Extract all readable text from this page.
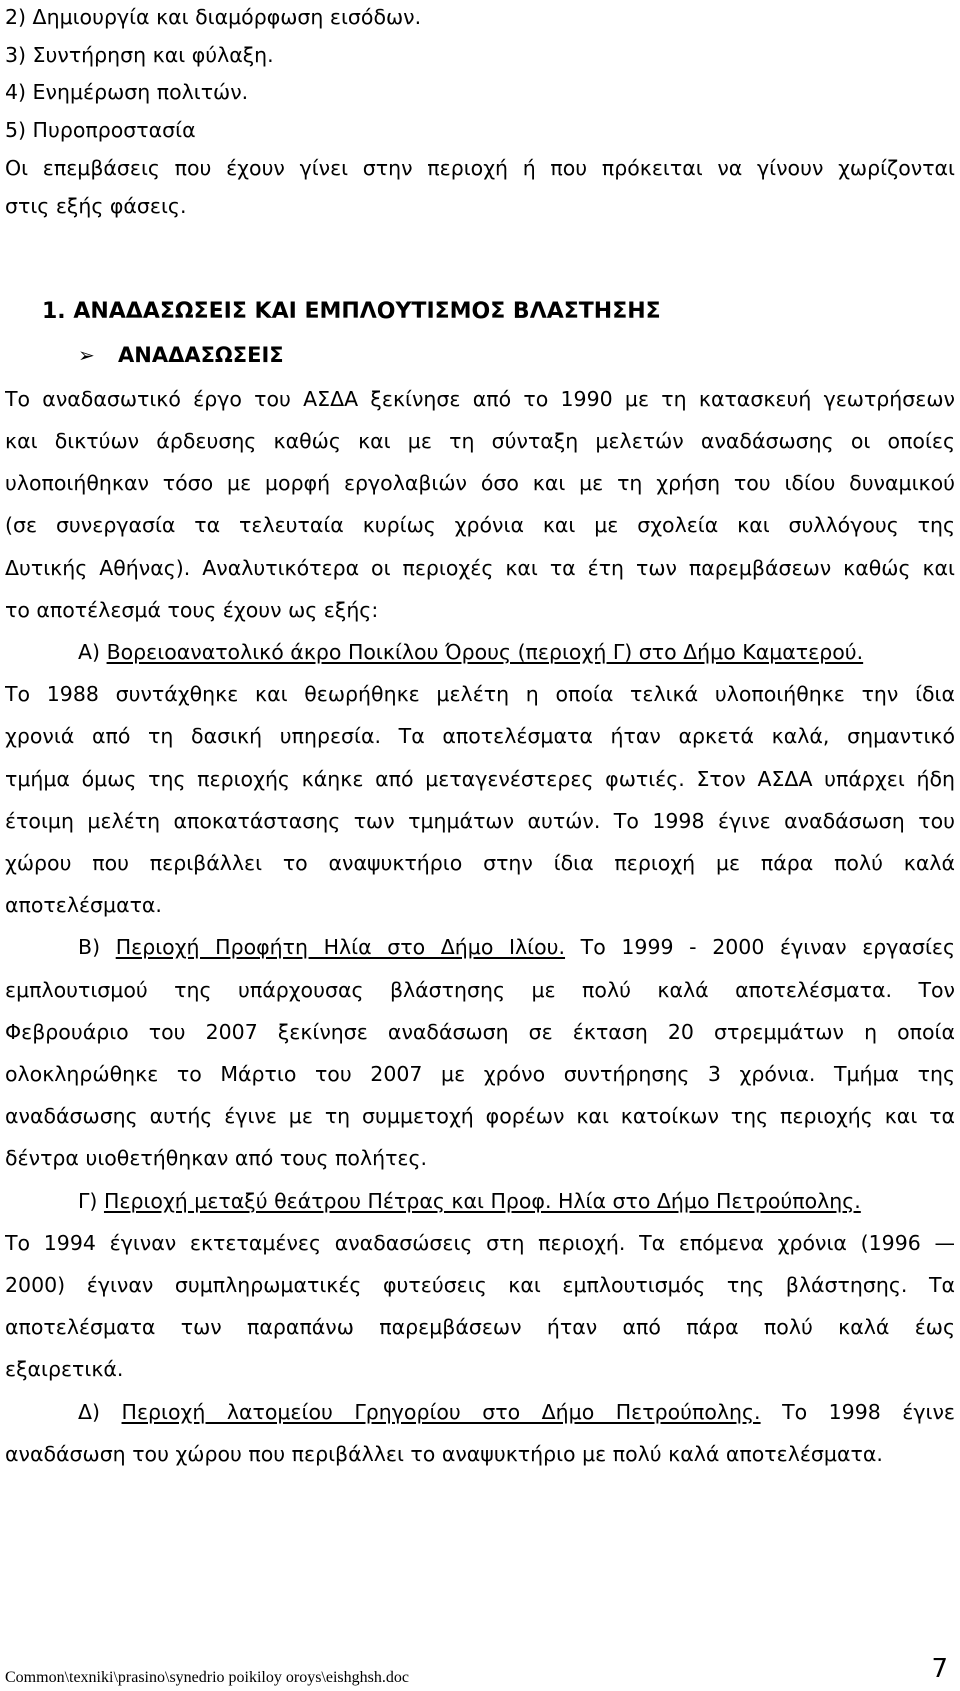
2) Δημιουργία και διαμόρφωση εισόδων.
3) Συντήρηση και φύλαξη.
4) Ενημέρωση πολιτών.
5) Πυροπροστασία
Οι επεμβάσεις που έχουν γίνει στην περιοχή ή που πρόκειται να γίνουν χωρίζονται
στις εξής φάσεις.
1. ΑΝΑΔΑΣΩΣΕΙΣ ΚΑΙ ΕΜΠΛΟΥΤΙΣΜΟΣ ΒΛΑΣΤΗΣΗΣ
➢ ΑΝΑΔΑΣΩΣΕΙΣ
Το αναδασωτικό έργο του ΑΣΔΑ ξεκίνησε από το 1990 με τη κατασκευή γεωτρήσεων
και δικτύων άρδευσης καθώς και με τη σύνταξη μελετών αναδάσωσης οι οποίες
υλοποιήθηκαν τόσο με μορφή εργολαβιών όσο και με τη χρήση του ιδίου δυναμικού
(σε συνεργασία τα τελευταία κυρίως χρόνια και με σχολεία και συλλόγους της
Δυτικής Αθήνας). Αναλυτικότερα οι περιοχές και τα έτη των παρεμβάσεων καθώς και
το αποτέλεσμά τους έχουν ως εξής:
Α) Βορειοανατολικό άκρο Ποικίλου Όρους (περιοχή Γ) στο Δήμο Καματερού.
Το 1988 συντάχθηκε και θεωρήθηκε μελέτη η οποία τελικά υλοποιήθηκε την ίδια
χρονιά από τη δασική υπηρεσία. Τα αποτελέσματα ήταν αρκετά καλά, σημαντικό
τμήμα όμως της περιοχής κάηκε από μεταγενέστερες φωτιές. Στον ΑΣΔΑ υπάρχει ήδη
έτοιμη μελέτη αποκατάστασης των τμημάτων αυτών. Το 1998 έγινε αναδάσωση του
χώρου που περιβάλλει το αναψυκτήριο στην ίδια περιοχή με πάρα πολύ καλά
αποτελέσματα.
Β) Περιοχή Προφήτη Ηλία στο Δήμο Ιλίου. Το 1999 - 2000 έγιναν εργασίες
εμπλουτισμού της υπάρχουσας βλάστησης με πολύ καλά αποτελέσματα. Τον
Φεβρουάριο του 2007 ξεκίνησε αναδάσωση σε έκταση 20 στρεμμάτων η οποία
ολοκληρώθηκε το Μάρτιο του 2007 με χρόνο συντήρησης 3 χρόνια. Τμήμα της
αναδάσωσης αυτής έγινε με τη συμμετοχή φορέων και κατοίκων της περιοχής και τα
δέντρα υιοθετήθηκαν από τους πολήτες.
Γ) Περιοχή μεταξύ θεάτρου Πέτρας και Προφ. Ηλία στο Δήμο Πετρούπολης.
Το 1994 έγιναν εκτεταμένες αναδασώσεις στη περιοχή. Τα επόμενα χρόνια (1996 —
2000) έγιναν συμπληρωματικές φυτεύσεις και εμπλουτισμός της βλάστησης. Τα
αποτελέσματα των παραπάνω παρεμβάσεων ήταν από πάρα πολύ καλά έως
εξαιρετικά.
Δ) Περιοχή λατομείου Γρηγορίου στο Δήμο Πετρούπολης. Το 1998 έγινε
αναδάσωση του χώρου που περιβάλλει το αναψυκτήριο με πολύ καλά αποτελέσματα.
Common\texniki\prasino\synedrio poikiloy oroys\eishghsh.doc	7
